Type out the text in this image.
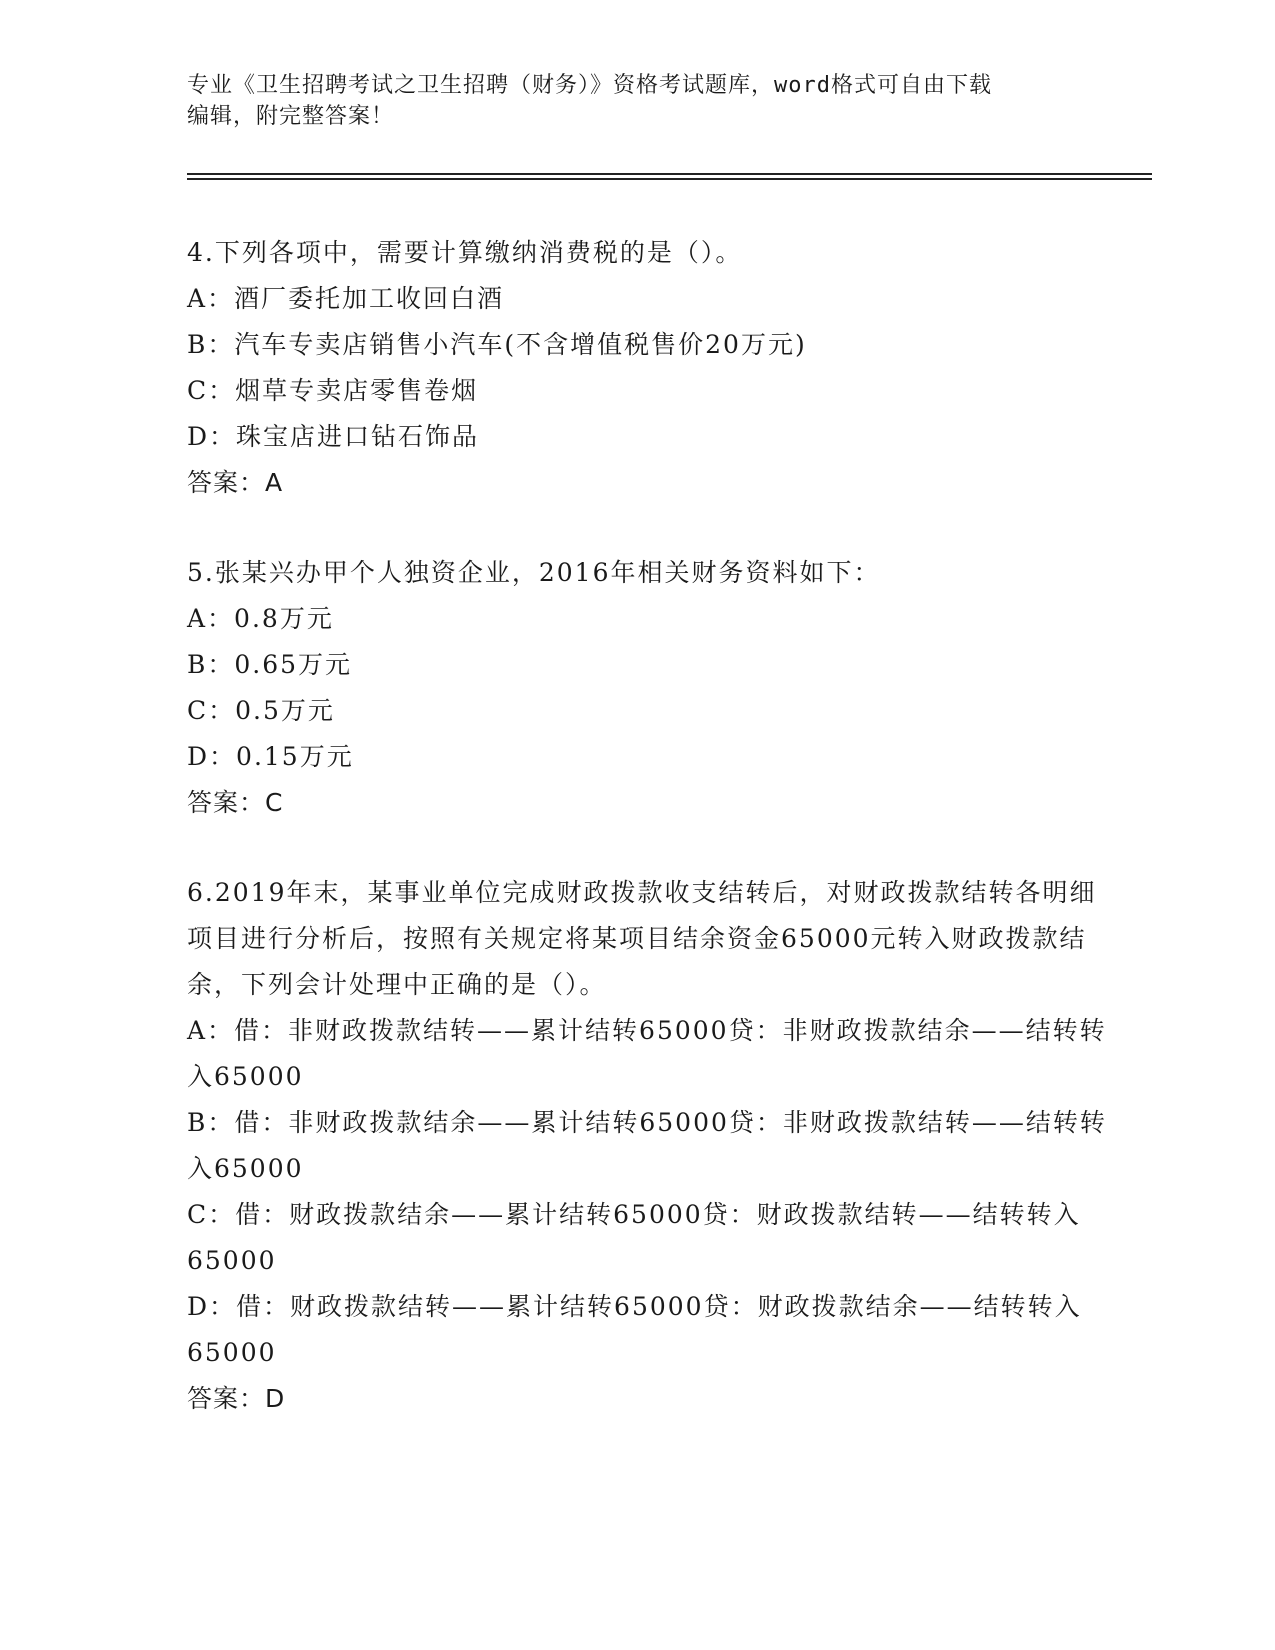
专业《卫生招聘考试之卫生招聘（财务）》资格考试题库，word格式可自由下载
编辑，附完整答案！

4.下列各项中，需要计算缴纳消费税的是（）。

A：酒厂委托加工收回白酒

B：汽车专卖店销售小汽车(不含增值税售价20万元)

C：烟草专卖店零售卷烟

D：珠宝店进口钻石饰品

答案：A

5.张某兴办甲个人独资企业，2016年相关财务资料如下：

A：0.8万元

B：0.65万元

C：0.5万元

D：0.15万元

答案：C

6.2019年末，某事业单位完成财政拨款收支结转后，对财政拨款结转各明细项目进行分析后，按照有关规定将某项目结余资金65000元转入财政拨款结余，下列会计处理中正确的是（）。

A：借：非财政拨款结转——累计结转65000贷：非财政拨款结余——结转转入65000

B：借：非财政拨款结余——累计结转65000贷：非财政拨款结转——结转转入65000

C：借：财政拨款结余——累计结转65000贷：财政拨款结转——结转转入65000

D：借：财政拨款结转——累计结转65000贷：财政拨款结余——结转转入65000

答案：D
